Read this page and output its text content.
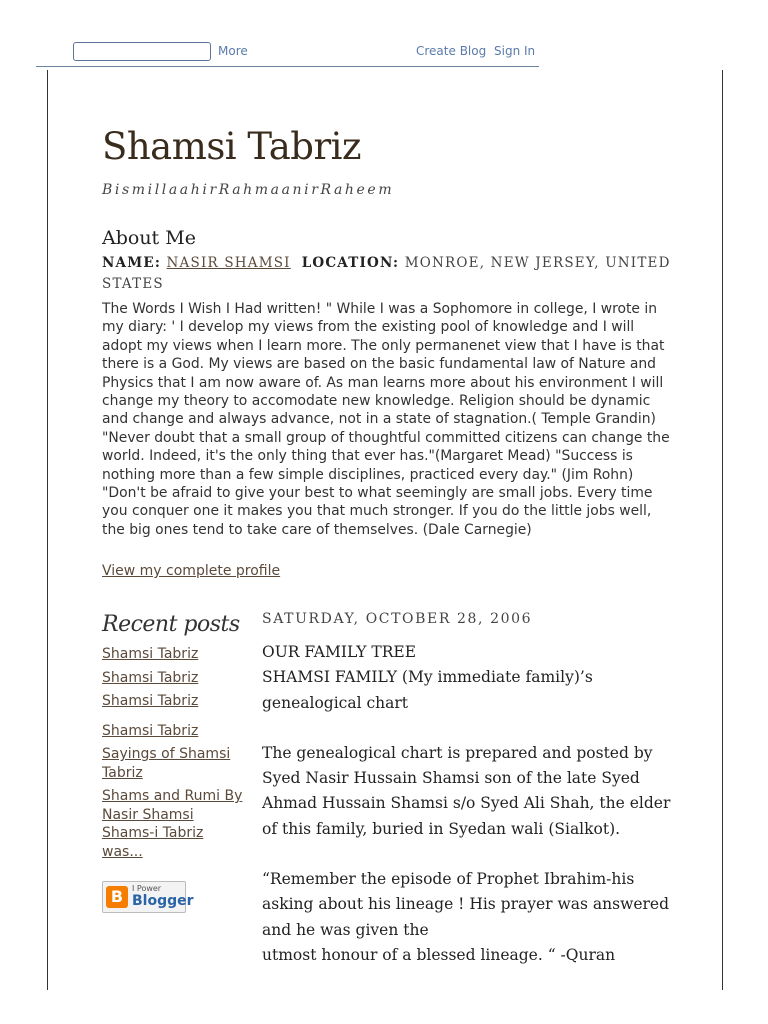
More	Create Blog Sign In
Shamsi Tabriz

BismillaahirRahmaanirRaheem

About Me

NAME: NASIR SHAMSI LOCATION: MONROE, NEW JERSEY, UNITED STATES

The Words I Wish I Had written! " While I was a Sophomore in college, I wrote in my diary: ' I develop my views from the existing pool of knowledge and I will adopt my views when I learn more. The only permanenet view that I have is that there is a God. My views are based on the basic fundamental law of Nature and Physics that I am now aware of. As man learns more about his environment I will change my theory to accomodate new knowledge. Religion should be dynamic and change and always advance, not in a state of stagnation.( Temple Grandin) "Never doubt that a small group of thoughtful committed citizens can change the world. Indeed, it's the only thing that ever has."(Margaret Mead) "Success is nothing more than a few simple disciplines, practiced every day." (Jim Rohn) "Don't be afraid to give your best to what seemingly are small jobs. Every time you conquer one it makes you that much stronger. If you do the little jobs well, the big ones tend to take care of themselves. (Dale Carnegie)

View my complete profile
Recent posts
Shamsi Tabriz
Shamsi Tabriz
Shamsi Tabriz
Shamsi Tabriz
Sayings of Shamsi Tabriz
Shams and Rumi By Nasir Shamsi Shams-i Tabriz was...
B	I Power
Blogger
SATURDAY, OCTOBER 28, 2006

OUR FAMILY TREE

SHAMSI FAMILY (My immediate family)’s genealogical chart

The genealogical chart is prepared and posted by Syed Nasir Hussain Shamsi son of the late Syed Ahmad Hussain Shamsi s/o Syed Ali Shah, the elder of this family, buried in Syedan wali (Sialkot).

“Remember the episode of Prophet Ibrahim-his asking about his lineage ! His prayer was answered and he was given the

utmost honour of a blessed lineage. “ -Quran
